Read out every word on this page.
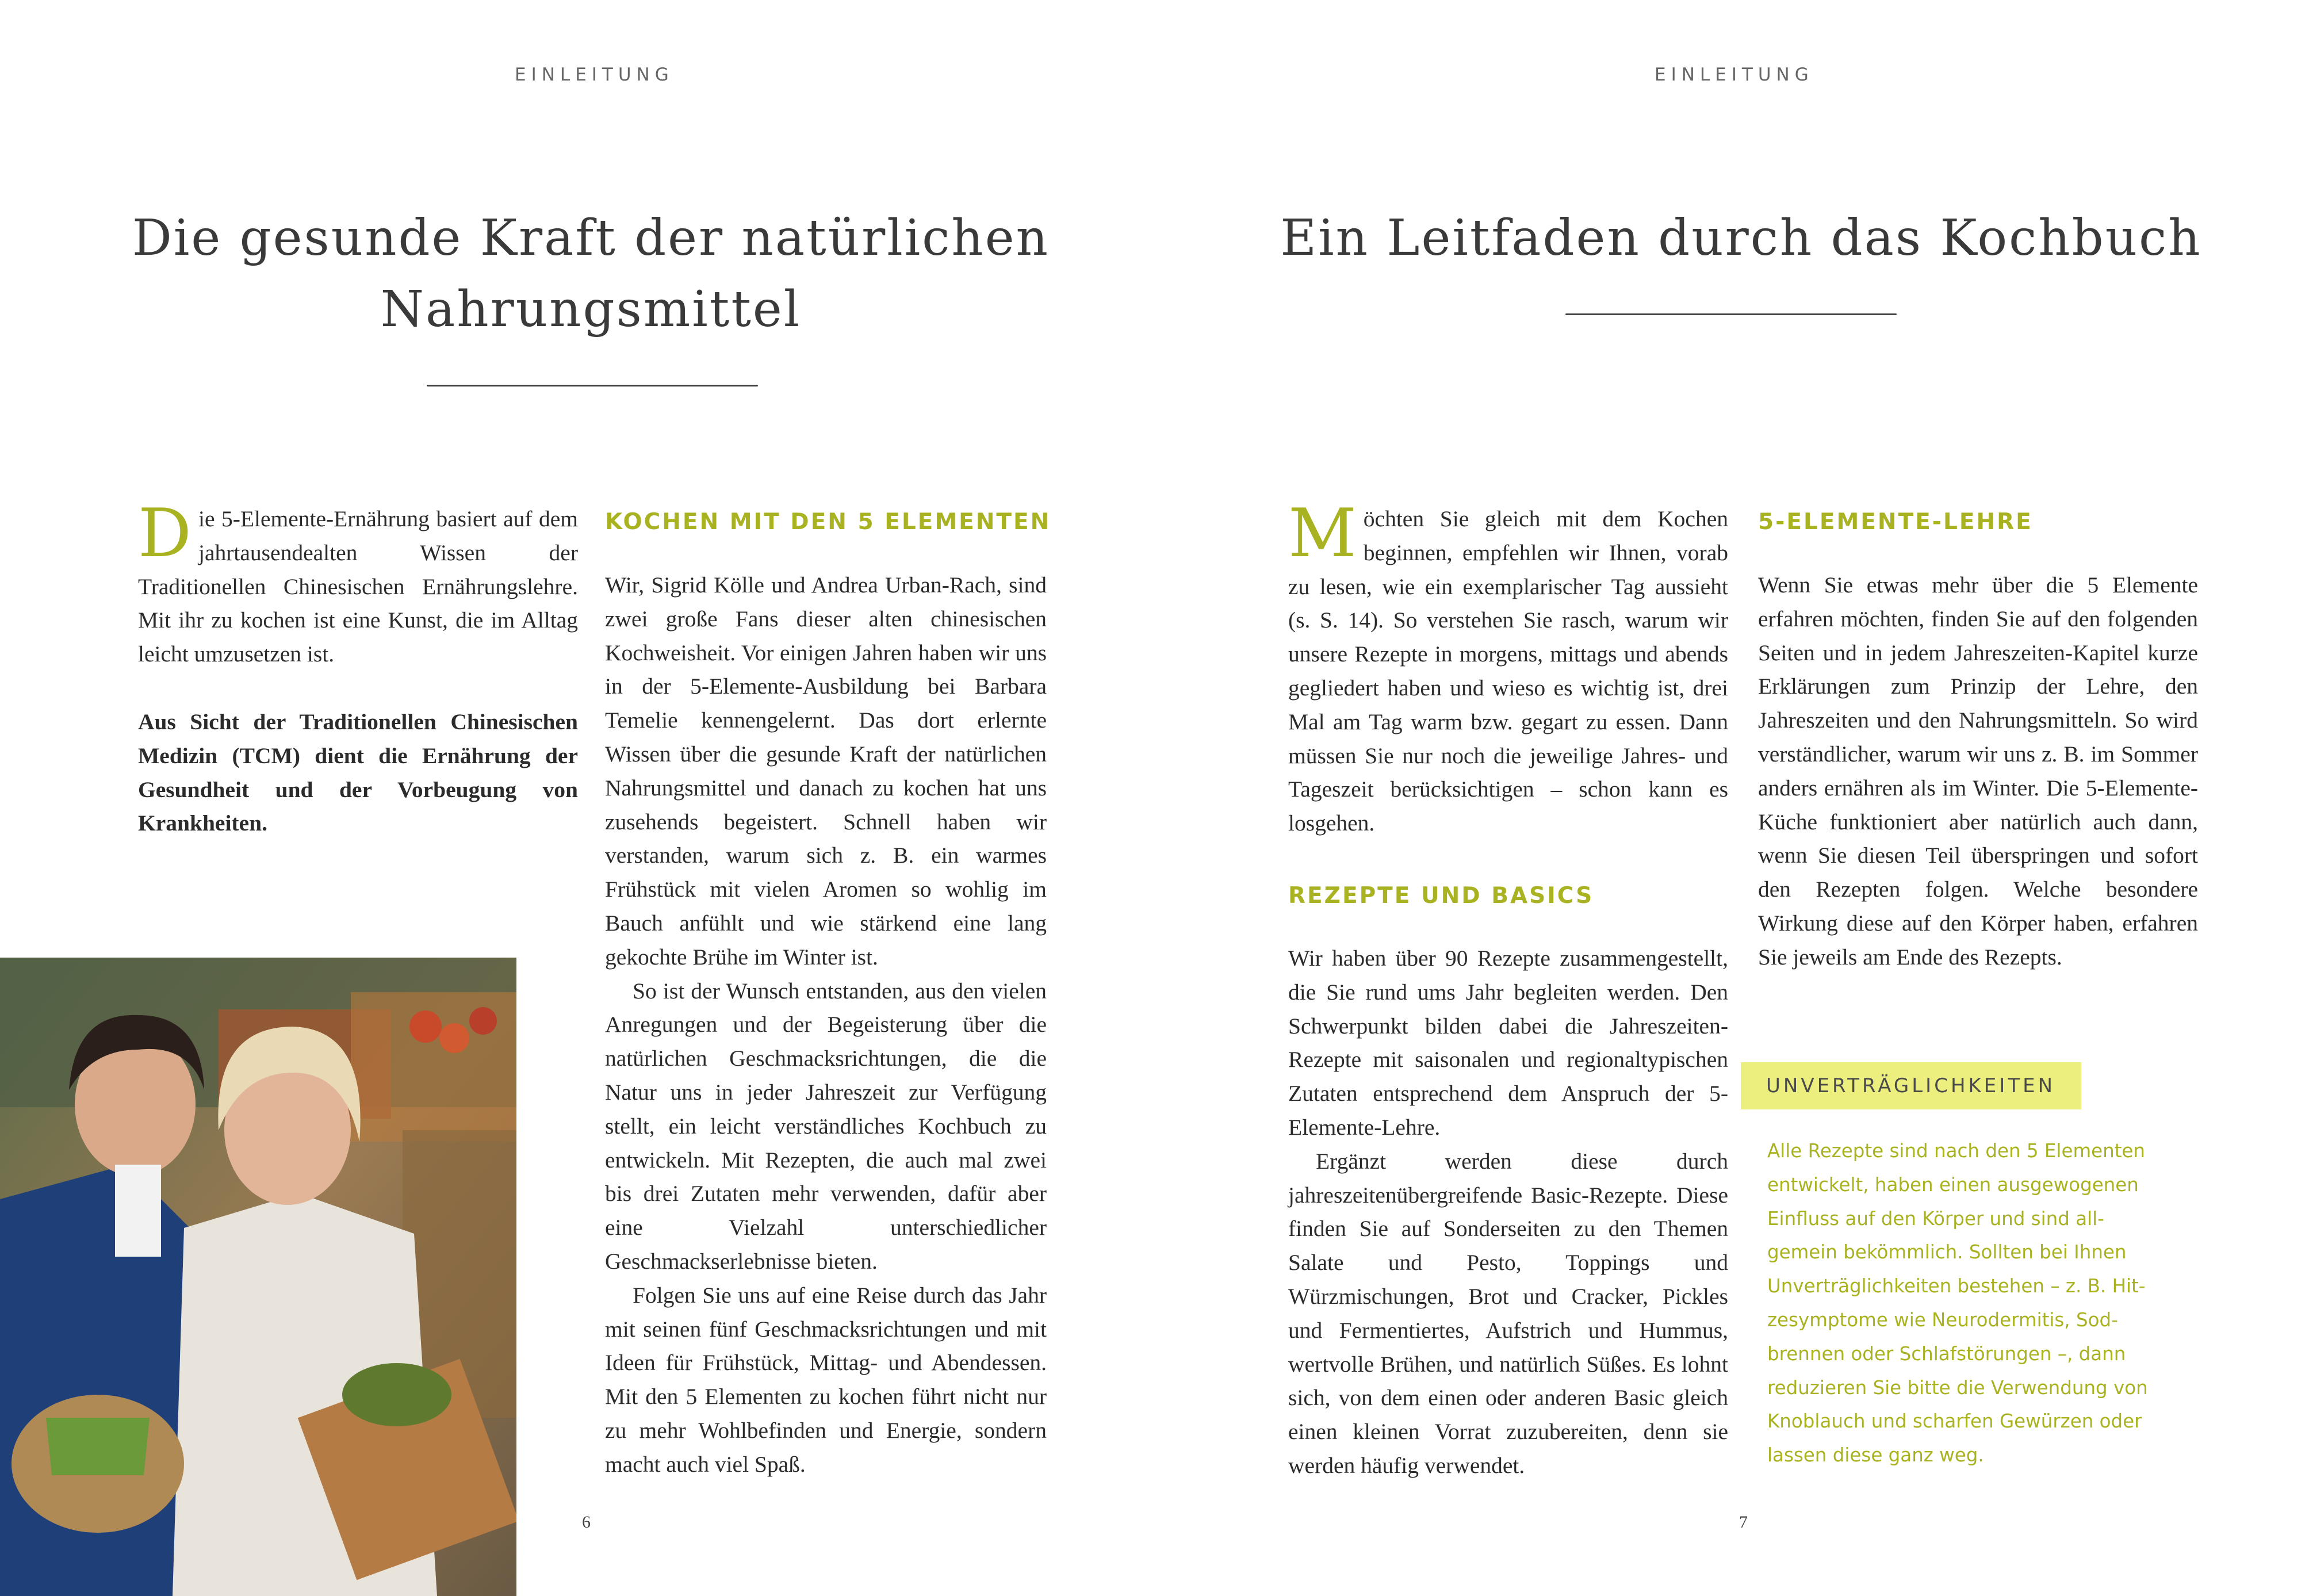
EINLEITUNG
Die gesunde Kraft der natürlichen
Nahrungsmittel

Die 5-Elemente-Ernährung basiert auf dem jahrtausendealten Wissen der Traditionellen Chinesischen Ernährungslehre. Mit ihr zu kochen ist eine Kunst, die im Alltag leicht umzusetzen ist.

Aus Sicht der Traditionellen Chinesischen Medizin (TCM) dient die Ernährung der Gesundheit und der Vorbeugung von Krankheiten.

KOCHEN MIT DEN 5 ELEMENTEN

Wir, Sigrid Kölle und Andrea Urban-Rach, sind zwei große Fans dieser alten chinesischen Kochweisheit. Vor einigen Jahren haben wir uns in der 5-Elemente-Ausbildung bei Barbara Temelie kennengelernt. Das dort erlernte Wissen über die gesunde Kraft der natürlichen Nahrungsmittel und danach zu kochen hat uns zusehends begeistert. Schnell haben wir verstanden, warum sich z. B. ein warmes Frühstück mit vielen Aromen so wohlig im Bauch anfühlt und wie stärkend eine lang gekochte Brühe im Winter ist.

So ist der Wunsch entstanden, aus den vielen Anregungen und der Begeisterung über die natürlichen Geschmacksrichtungen, die die Natur uns in jeder Jahreszeit zur Verfügung stellt, ein leicht verständliches Kochbuch zu entwickeln. Mit Rezepten, die auch mal zwei bis drei Zutaten mehr verwenden, dafür aber eine Vielzahl unterschiedlicher Geschmackserlebnisse bieten.

Folgen Sie uns auf eine Reise durch das Jahr mit seinen fünf Geschmacksrichtungen und mit Ideen für Frühstück, Mittag- und Abendessen. Mit den 5 Elementen zu kochen führt nicht nur zu mehr Wohlbefinden und Energie, sondern macht auch viel Spaß.

6
EINLEITUNG
Ein Leitfaden durch das Kochbuch

Möchten Sie gleich mit dem Kochen beginnen, empfehlen wir Ihnen, vorab zu lesen, wie ein exemplarischer Tag aussieht (s. S. 14). So verstehen Sie rasch, warum wir unsere Rezepte in morgens, mittags und abends gegliedert haben und wieso es wichtig ist, drei Mal am Tag warm bzw. gegart zu essen. Dann müssen Sie nur noch die jeweilige Jahres- und Tageszeit berücksichtigen – schon kann es losgehen.

REZEPTE UND BASICS

Wir haben über 90 Rezepte zusammengestellt, die Sie rund ums Jahr begleiten werden. Den Schwerpunkt bilden dabei die Jahreszeiten-Rezepte mit saisonalen und regionaltypischen Zutaten entsprechend dem Anspruch der 5-Elemente-Lehre.

Ergänzt werden diese durch jahreszeitenübergreifende Basic-Rezepte. Diese finden Sie auf Sonderseiten zu den Themen Salate und Pesto, Toppings und Würzmischungen, Brot und Cracker, Pickles und Fermentiertes, Aufstrich und Hummus, wertvolle Brühen, und natürlich Süßes. Es lohnt sich, von dem einen oder anderen Basic gleich einen kleinen Vorrat zuzubereiten, denn sie werden häufig verwendet.

5-ELEMENTE-LEHRE

Wenn Sie etwas mehr über die 5 Elemente erfahren möchten, finden Sie auf den folgenden Seiten und in jedem Jahreszeiten-Kapitel kurze Erklärungen zum Prinzip der Lehre, den Jahreszeiten und den Nahrungsmitteln. So wird verständlicher, warum wir uns z. B. im Sommer anders ernähren als im Winter. Die 5-Elemente-Küche funktioniert aber natürlich auch dann, wenn Sie diesen Teil überspringen und sofort den Rezepten folgen. Welche besondere Wirkung diese auf den Körper haben, erfahren Sie jeweils am Ende des Rezepts.

UNVERTRÄGLICHKEITEN
Alle Rezepte sind nach den 5 Elementen
entwickelt, haben einen ausgewogenen
Einfluss auf den Körper und sind all-
gemein bekömmlich. Sollten bei Ihnen
Unverträglichkeiten bestehen – z. B. Hit-
zesymptome wie Neurodermitis, Sod-
brennen oder Schlafstörungen –, dann
reduzieren Sie bitte die Verwendung von
Knoblauch und scharfen Gewürzen oder
lassen diese ganz weg.
7
